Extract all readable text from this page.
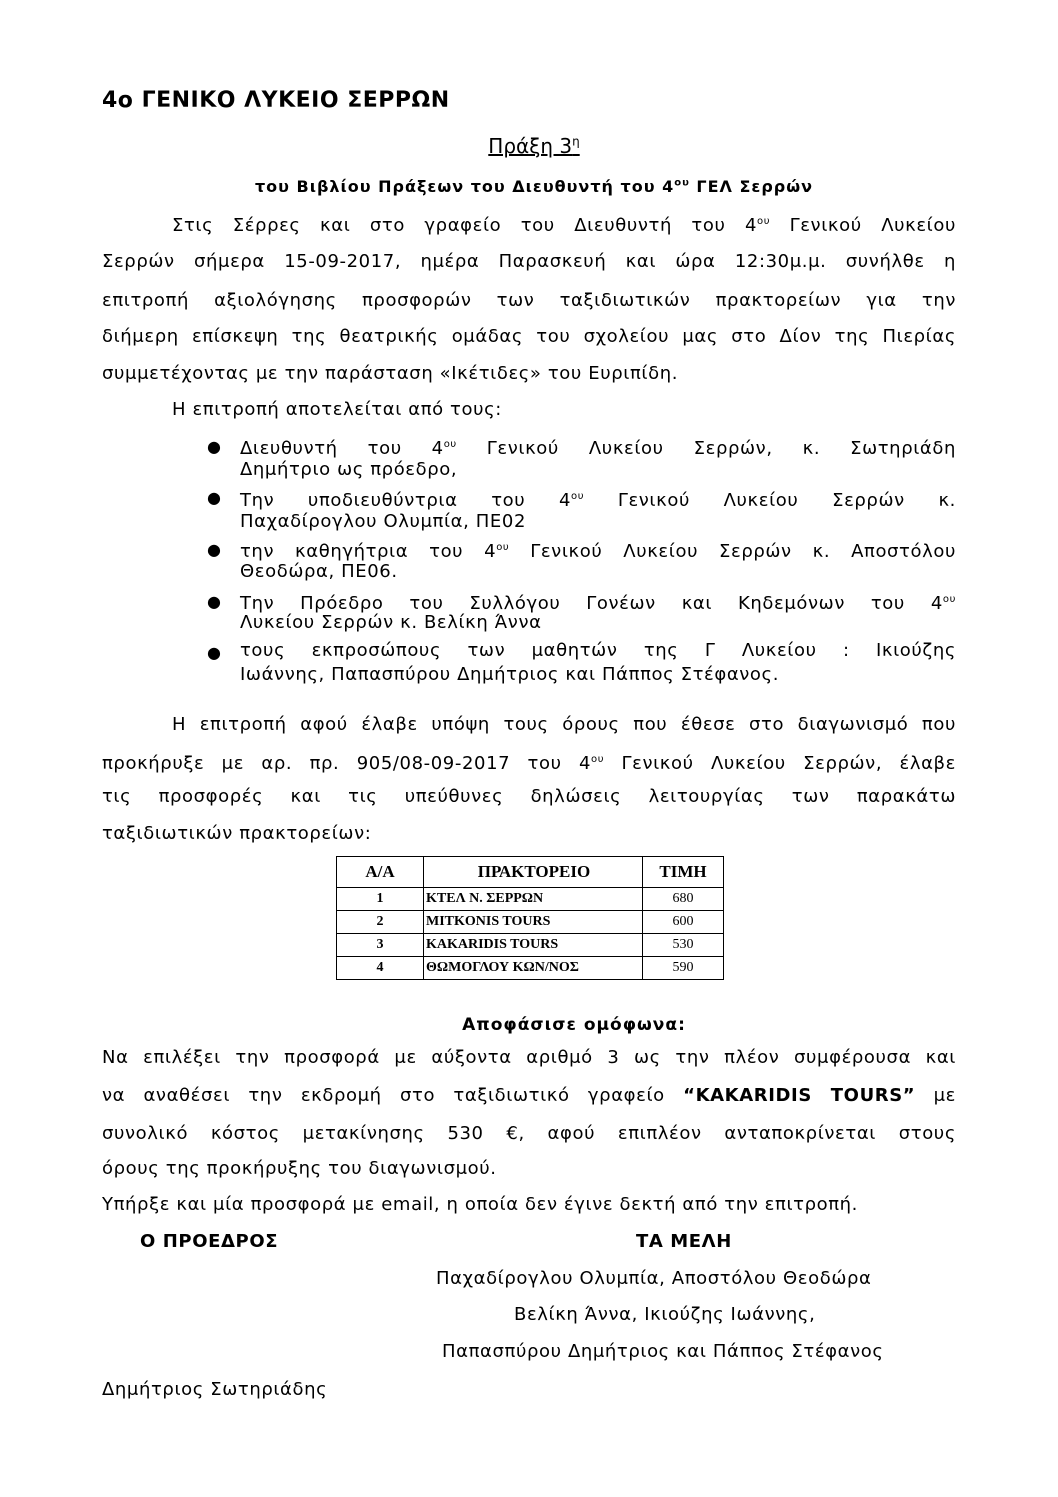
4ο ΓΕΝΙΚΟ ΛΥΚΕΙΟ ΣΕΡΡΩΝ
Πράξη $3^\eta$
του Βιβλίου Πράξεων του Διευθυντή του $4^{o\upsilon}$ ΓΕΛ Σερρών
Στις Σέρρες και στο γραφείο του Διευθυντή του $4^{o\upsilon}$ Γενικού Λυκείου
Σερρών σήμερα 15-09-2017, ημέρα Παρασκευή και ώρα 12:30μ.μ. συνήλθε η
επιτροπή αξιολόγησης προσφορών των ταξιδιωτικών πρακτορείων για την
διήμερη επίσκεψη της θεατρικής ομάδας του σχολείου μας στο Δίον της Πιερίας
συμμετέχοντας με την παράσταση «Ικέτιδες» του Ευριπίδη.
Η επιτροπή αποτελείται από τους:
● Διευθυντή του $4^{o\upsilon}$ Γενικού Λυκείου Σερρών, κ. Σωτηριάδη
Δημήτριο ως πρόεδρο,
● Την υποδιευθύντρια του $4^{o\upsilon}$ Γενικού Λυκείου Σερρών κ.
Παχαδίρογλου Ολυμπία, ΠΕ02
● την καθηγήτρια του $4^{o\upsilon}$ Γενικού Λυκείου Σερρών κ. Αποστόλου
Θεοδώρα, ΠΕ06.
● Την Πρόεδρο του Συλλόγου Γονέων και Κηδεμόνων του $4^{o\upsilon}$
Λυκείου Σερρών κ. Βελίκη Άννα
● τους εκπροσώπους των μαθητών της Γ Λυκείου : Ικιούζης
Ιωάννης, Παπασπύρου Δημήτριος και Πάππος Στέφανος.
Η επιτροπή αφού έλαβε υπόψη τους όρους που έθεσε στο διαγωνισμό που
προκήρυξε με αρ. πρ. 905/08-09-2017 του $4^{o\upsilon}$ Γενικού Λυκείου Σερρών, έλαβε
τις προσφορές και τις υπεύθυνες δηλώσεις λειτουργίας των παρακάτω
ταξιδιωτικών πρακτορείων:
Α/Α	ΠΡΑΚΤΟΡΕΙΟ	ΤΙΜΗ
1	ΚΤΕΛ Ν. ΣΕΡΡΩΝ	680
2	MITKONIS TOURS	600
3	KAKARIDIS TOURS	530
4	ΘΩΜΟΓΛΟΥ ΚΩΝ/ΝΟΣ	590
Αποφάσισε ομόφωνα:
Να επιλέξει την προσφορά με αύξοντα αριθμό 3 ως την πλέον συμφέρουσα και
να αναθέσει την εκδρομή στο ταξιδιωτικό γραφείο “KAKARIDIS TOURS” με
συνολικό κόστος μετακίνησης 530 €, αφού επιπλέον ανταποκρίνεται στους
όρους της προκήρυξης του διαγωνισμού.
Υπήρξε και μία προσφορά με email, η οποία δεν έγινε δεκτή από την επιτροπή.
Ο ΠΡΟΕΔΡΟΣ	ΤΑ ΜΕΛΗ
Παχαδίρογλου Ολυμπία, Αποστόλου Θεοδώρα
Βελίκη Άννα, Ικιούζης Ιωάννης,
Παπασπύρου Δημήτριος και Πάππος Στέφανος
Δημήτριος Σωτηριάδης
